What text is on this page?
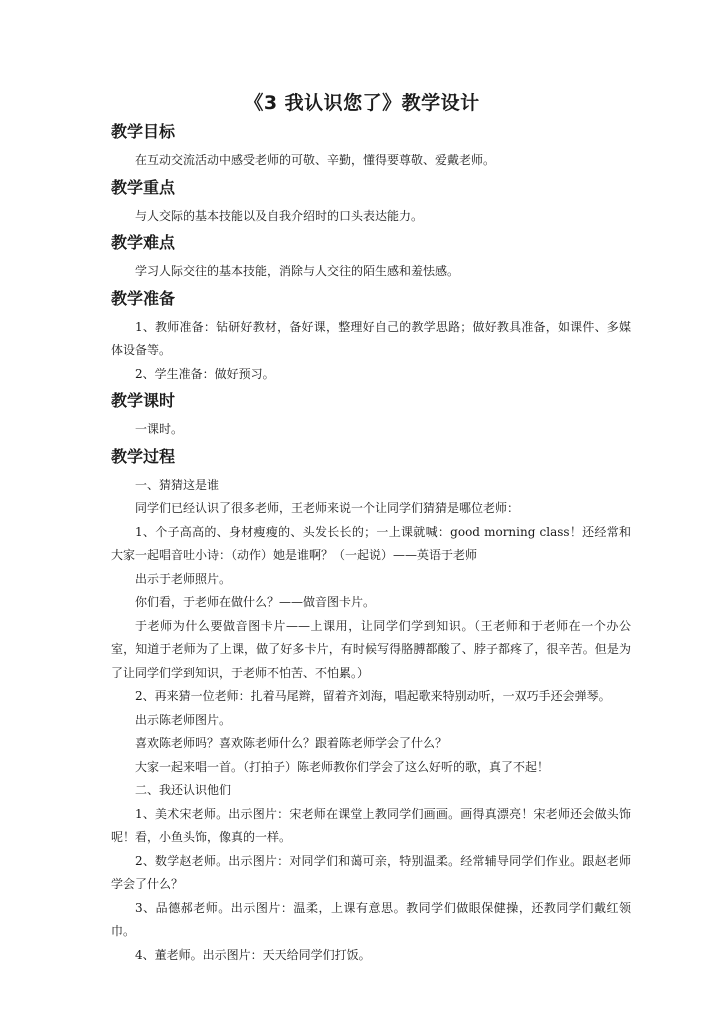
《3 我认识您了》教学设计
教学目标

在互动交流活动中感受老师的可敬、辛勤，懂得要尊敬、爱戴老师。

教学重点

与人交际的基本技能以及自我介绍时的口头表达能力。

教学难点

学习人际交往的基本技能，消除与人交往的陌生感和羞怯感。

教学准备

1、教师准备：钻研好教材，备好课，整理好自己的教学思路；做好教具准备，如课件、多媒体设备等。

2、学生准备：做好预习。

教学课时

一课时。

教学过程

一、猜猜这是谁

同学们已经认识了很多老师，王老师来说一个让同学们猜猜是哪位老师：

1、个子高高的、身材瘦瘦的、头发长长的；一上课就喊：good morning class！还经常和大家一起唱音吐小诗：（动作）她是谁啊？（一起说）——英语于老师

出示于老师照片。

你们看，于老师在做什么？——做音图卡片。

于老师为什么要做音图卡片——上课用，让同学们学到知识。（王老师和于老师在一个办公室，知道于老师为了上课，做了好多卡片，有时候写得胳膊都酸了、脖子都疼了，很辛苦。但是为了让同学们学到知识，于老师不怕苦、不怕累。）

2、再来猜一位老师：扎着马尾辫，留着齐刘海，唱起歌来特别动听，一双巧手还会弹琴。

出示陈老师图片。

喜欢陈老师吗？喜欢陈老师什么？跟着陈老师学会了什么？

大家一起来唱一首。（打拍子）陈老师教你们学会了这么好听的歌，真了不起！

二、我还认识他们

1、美术宋老师。出示图片：宋老师在课堂上教同学们画画。画得真漂亮！宋老师还会做头饰呢！看，小鱼头饰，像真的一样。

2、数学赵老师。出示图片：对同学们和蔼可亲，特别温柔。经常辅导同学们作业。跟赵老师学会了什么？

3、品德郝老师。出示图片：温柔，上课有意思。教同学们做眼保健操，还教同学们戴红领巾。

4、董老师。出示图片：天天给同学们打饭。
